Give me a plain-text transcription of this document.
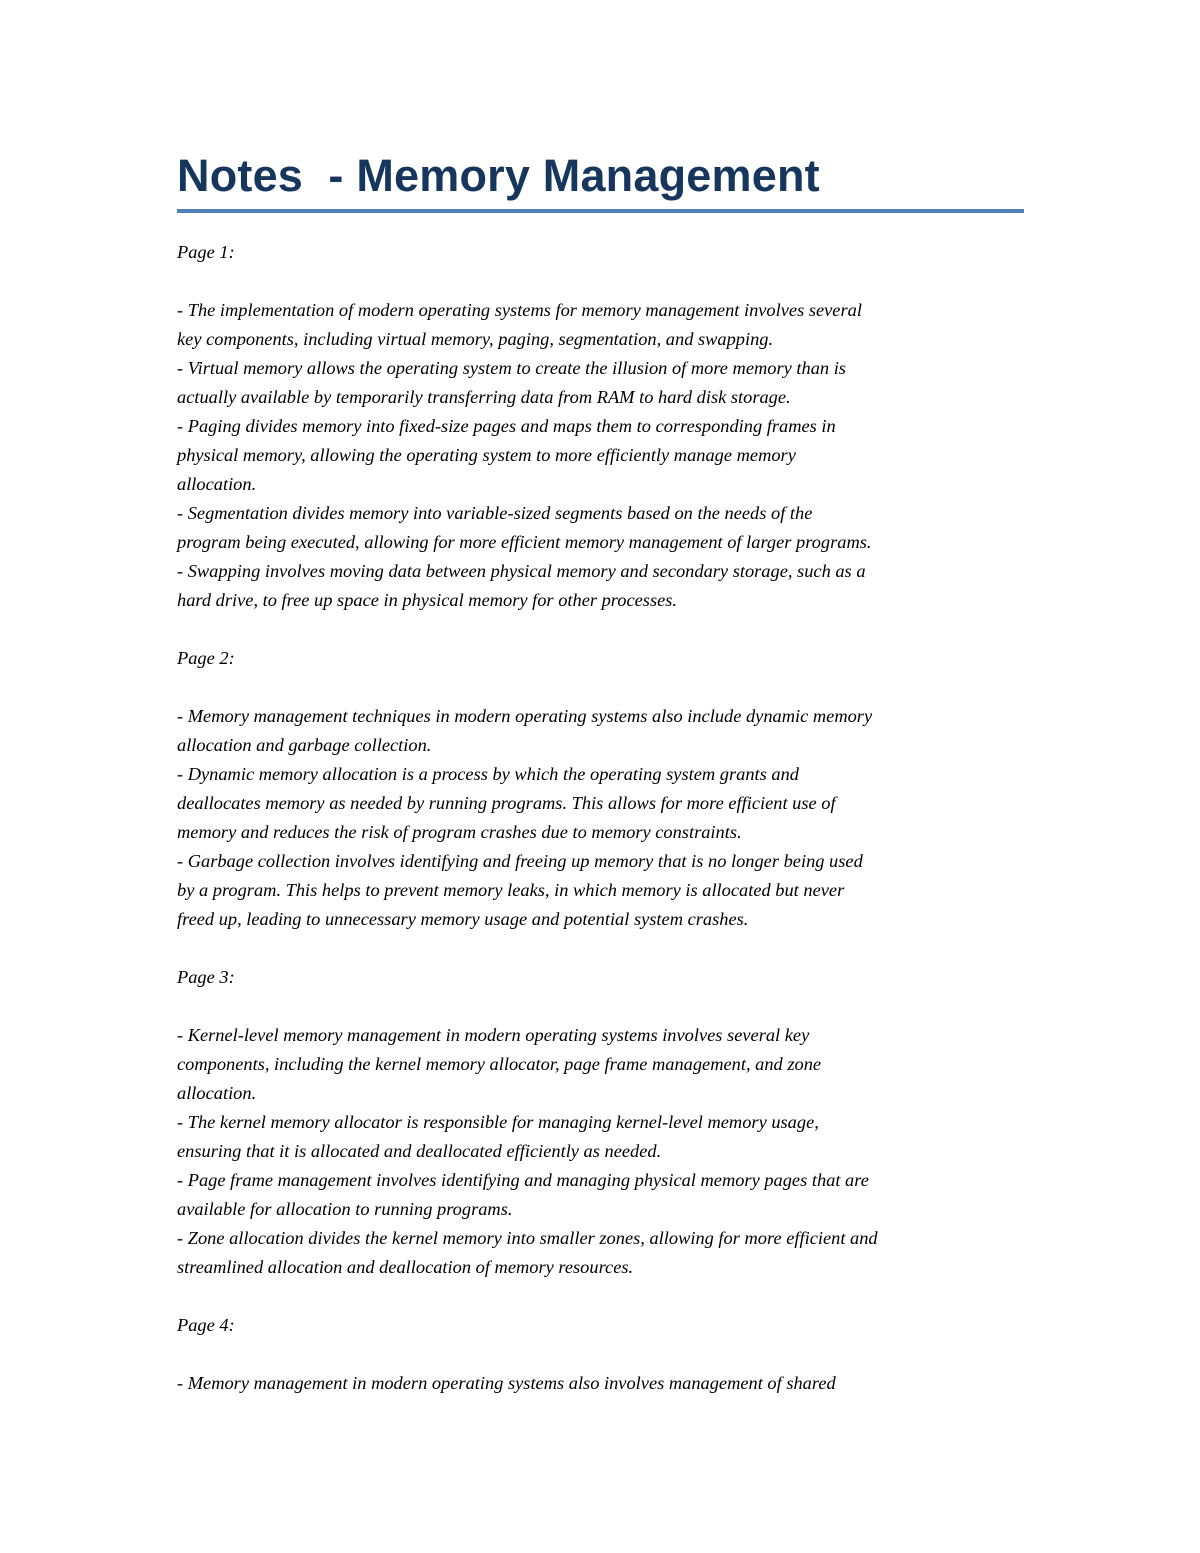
Notes  - Memory Management
Page 1:
- The implementation of modern operating systems for memory management involves several
key components, including virtual memory, paging, segmentation, and swapping.
- Virtual memory allows the operating system to create the illusion of more memory than is
actually available by temporarily transferring data from RAM to hard disk storage.
- Paging divides memory into fixed-size pages and maps them to corresponding frames in
physical memory, allowing the operating system to more efficiently manage memory
allocation.
- Segmentation divides memory into variable-sized segments based on the needs of the
program being executed, allowing for more efficient memory management of larger programs.
- Swapping involves moving data between physical memory and secondary storage, such as a
hard drive, to free up space in physical memory for other processes.
Page 2:
- Memory management techniques in modern operating systems also include dynamic memory
allocation and garbage collection.
- Dynamic memory allocation is a process by which the operating system grants and
deallocates memory as needed by running programs. This allows for more efficient use of
memory and reduces the risk of program crashes due to memory constraints.
- Garbage collection involves identifying and freeing up memory that is no longer being used
by a program. This helps to prevent memory leaks, in which memory is allocated but never
freed up, leading to unnecessary memory usage and potential system crashes.
Page 3:
- Kernel-level memory management in modern operating systems involves several key
components, including the kernel memory allocator, page frame management, and zone
allocation.
- The kernel memory allocator is responsible for managing kernel-level memory usage,
ensuring that it is allocated and deallocated efficiently as needed.
- Page frame management involves identifying and managing physical memory pages that are
available for allocation to running programs.
- Zone allocation divides the kernel memory into smaller zones, allowing for more efficient and
streamlined allocation and deallocation of memory resources.
Page 4:
- Memory management in modern operating systems also involves management of shared
